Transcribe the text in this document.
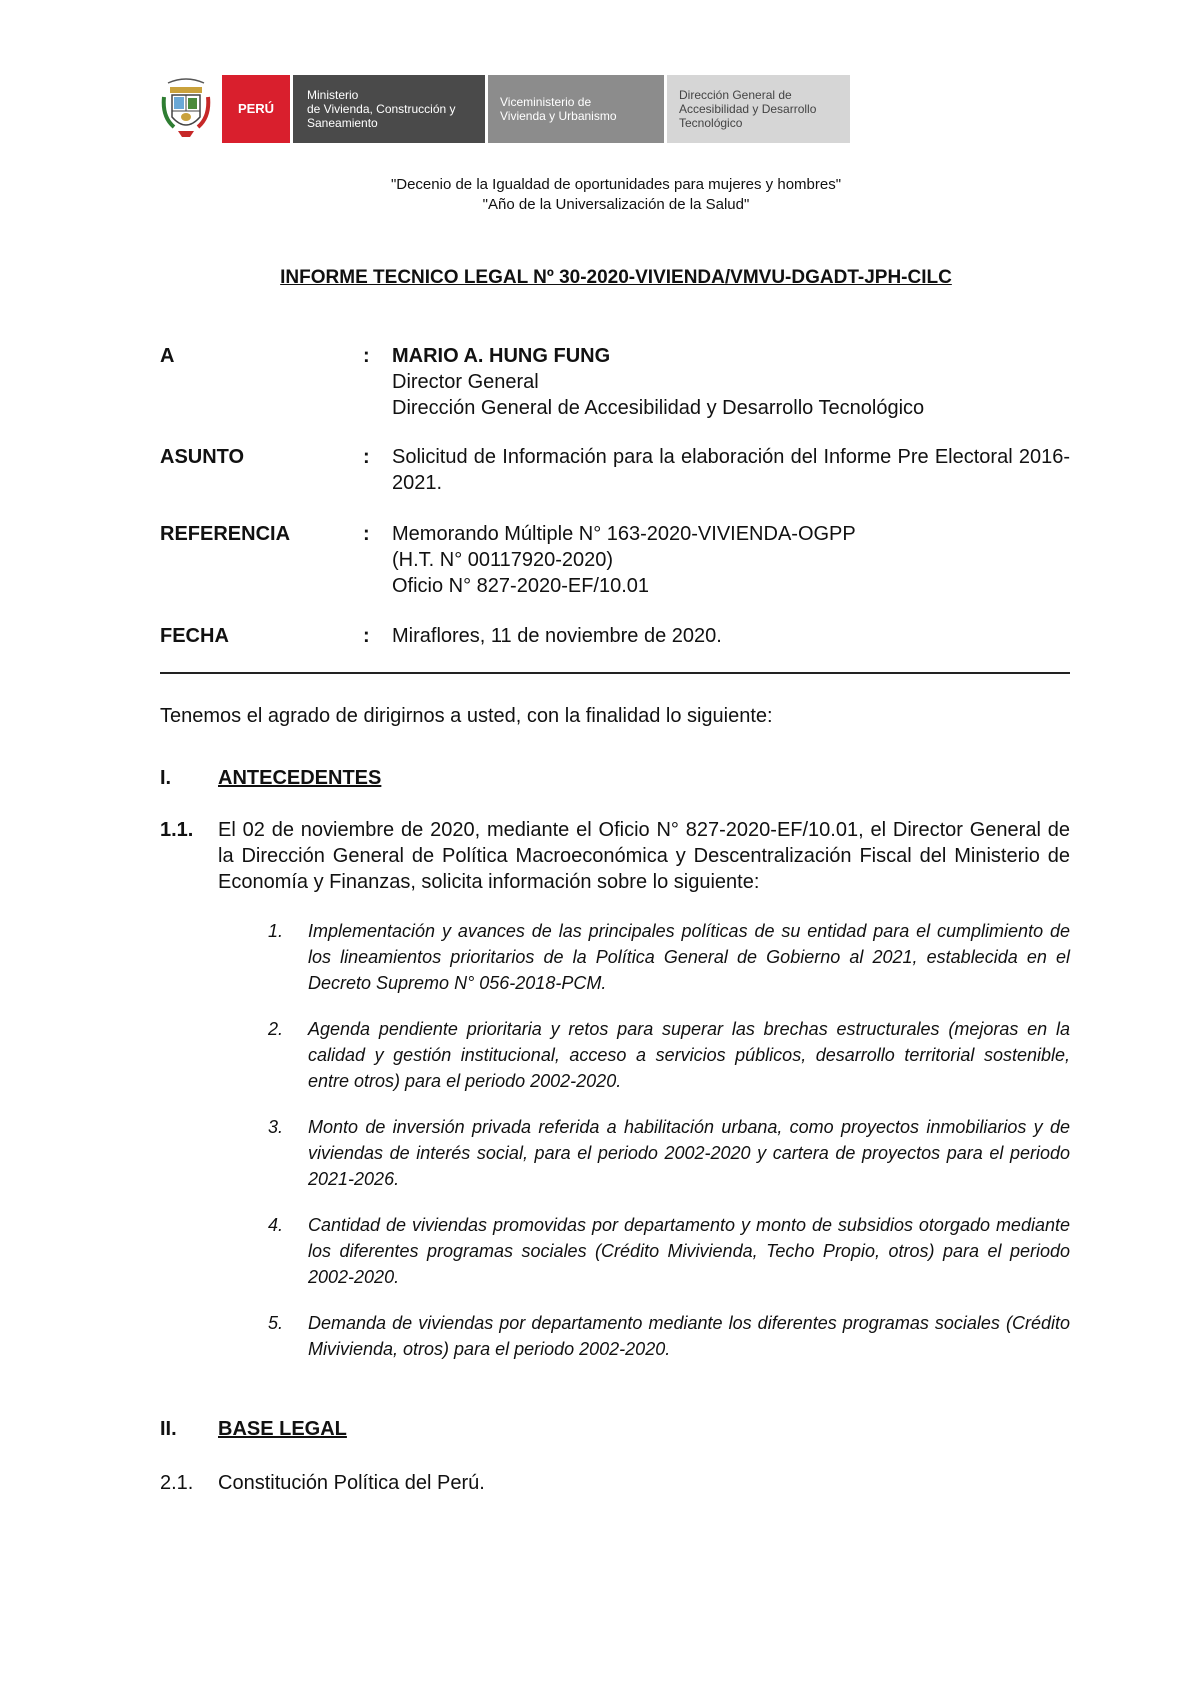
PERÚ
Ministerio
de Vivienda, Construcción y
Saneamiento
Viceministerio de
Vivienda y Urbanismo
Dirección General de
Accesibilidad y Desarrollo
Tecnológico
"Decenio de la Igualdad de oportunidades para mujeres y hombres"
"Año de la Universalización de la Salud"
INFORME TECNICO LEGAL Nº 30-2020-VIVIENDA/VMVU-DGADT-JPH-CILC
A	: MARIO A. HUNG FUNG
Director General
Dirección General de Accesibilidad y Desarrollo Tecnológico
ASUNTO	: Solicitud de Información para la elaboración del Informe Pre Electoral 2016-2021.
REFERENCIA	: Memorando Múltiple N° 163-2020-VIVIENDA-OGPP
(H.T. N° 00117920-2020)
Oficio N° 827-2020-EF/10.01
FECHA	: Miraflores, 11 de noviembre de 2020.
Tenemos el agrado de dirigirnos a usted, con la finalidad lo siguiente:
I. ANTECEDENTES
1.1. El 02 de noviembre de 2020, mediante el Oficio N° 827-2020-EF/10.01, el Director General de la Dirección General de Política Macroeconómica y Descentralización Fiscal del Ministerio de Economía y Finanzas, solicita información sobre lo siguiente:
1. Implementación y avances de las principales políticas de su entidad para el cumplimiento de los lineamientos prioritarios de la Política General de Gobierno al 2021, establecida en el Decreto Supremo N° 056-2018-PCM.
2. Agenda pendiente prioritaria y retos para superar las brechas estructurales (mejoras en la calidad y gestión institucional, acceso a servicios públicos, desarrollo territorial sostenible, entre otros) para el periodo 2002-2020.
3. Monto de inversión privada referida a habilitación urbana, como proyectos inmobiliarios y de viviendas de interés social, para el periodo 2002-2020 y cartera de proyectos para el periodo 2021-2026.
4. Cantidad de viviendas promovidas por departamento y monto de subsidios otorgado mediante los diferentes programas sociales (Crédito Mivivienda, Techo Propio, otros) para el periodo 2002-2020.
5. Demanda de viviendas por departamento mediante los diferentes programas sociales (Crédito Mivivienda, otros) para el periodo 2002-2020.
II. BASE LEGAL
2.1. Constitución Política del Perú.
